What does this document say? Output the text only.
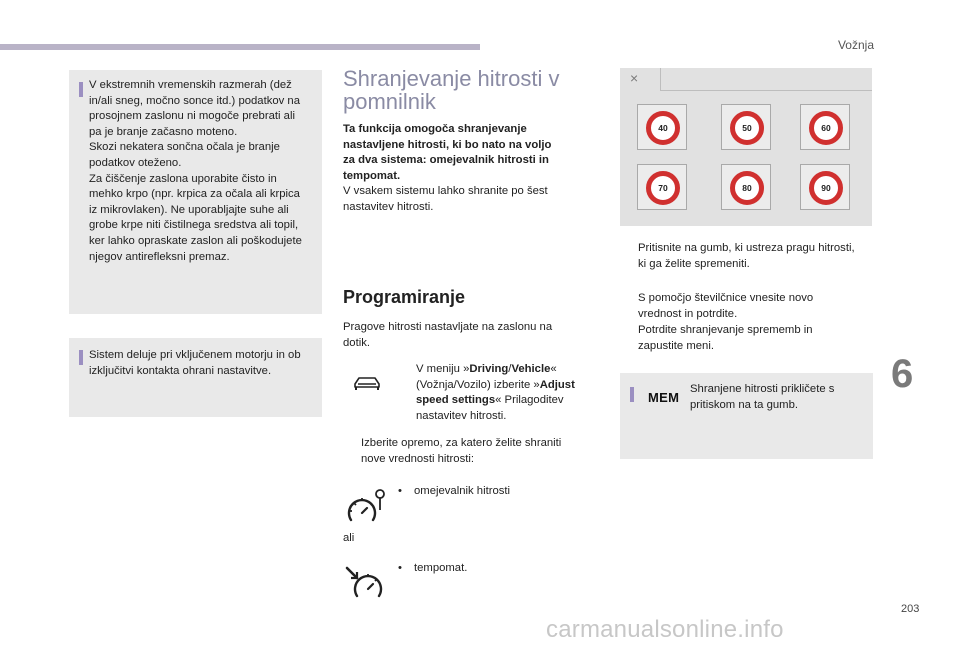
Vožnja
V ekstremnih vremenskih razmerah (dež
in/ali sneg, močno sonce itd.) podatkov na
prosojnem zaslonu ni mogoče prebrati ali
pa je branje začasno moteno.
Skozi nekatera sončna očala je branje
podatkov oteženo.
Za čiščenje zaslona uporabite čisto in
mehko krpo (npr. krpica za očala ali krpica
iz mikrovlaken). Ne uporabljajte suhe ali
grobe krpe niti čistilnega sredstva ali topil,
ker lahko opraskate zaslon ali poškodujete
njegov antirefleksni premaz.
Sistem deluje pri vključenem motorju in ob
izključitvi kontakta ohrani nastavitve.
Shranjevanje hitrosti v
pomnilnik
Ta funkcija omogoča shranjevanje
nastavljene hitrosti, ki bo nato na voljo
za dva sistema: omejevalnik hitrosti in
tempomat.
V vsakem sistemu lahko shranite po šest
nastavitev hitrosti.
Programiranje
Pragove hitrosti nastavljate na zaslonu na
dotik.
V meniju »Driving/Vehicle«
(Vožnja/Vozilo) izberite »Adjust
speed settings« Prilagoditev
nastavitev hitrosti.
Izberite opremo, za katero želite shraniti
nove vrednosti hitrosti:
•	omejevalnik hitrosti
ali
•	tempomat.
×
40	50	60
70	80	90
Pritisnite na gumb, ki ustreza pragu hitrosti,
ki ga želite spremeniti.
S pomočjo številčnice vnesite novo
vrednost in potrdite.
Potrdite shranjevanje sprememb in
zapustite meni.
Shranjene hitrosti prikličete s
pritiskom na ta gumb.
MEM
6
203
carmanualsonline.info
